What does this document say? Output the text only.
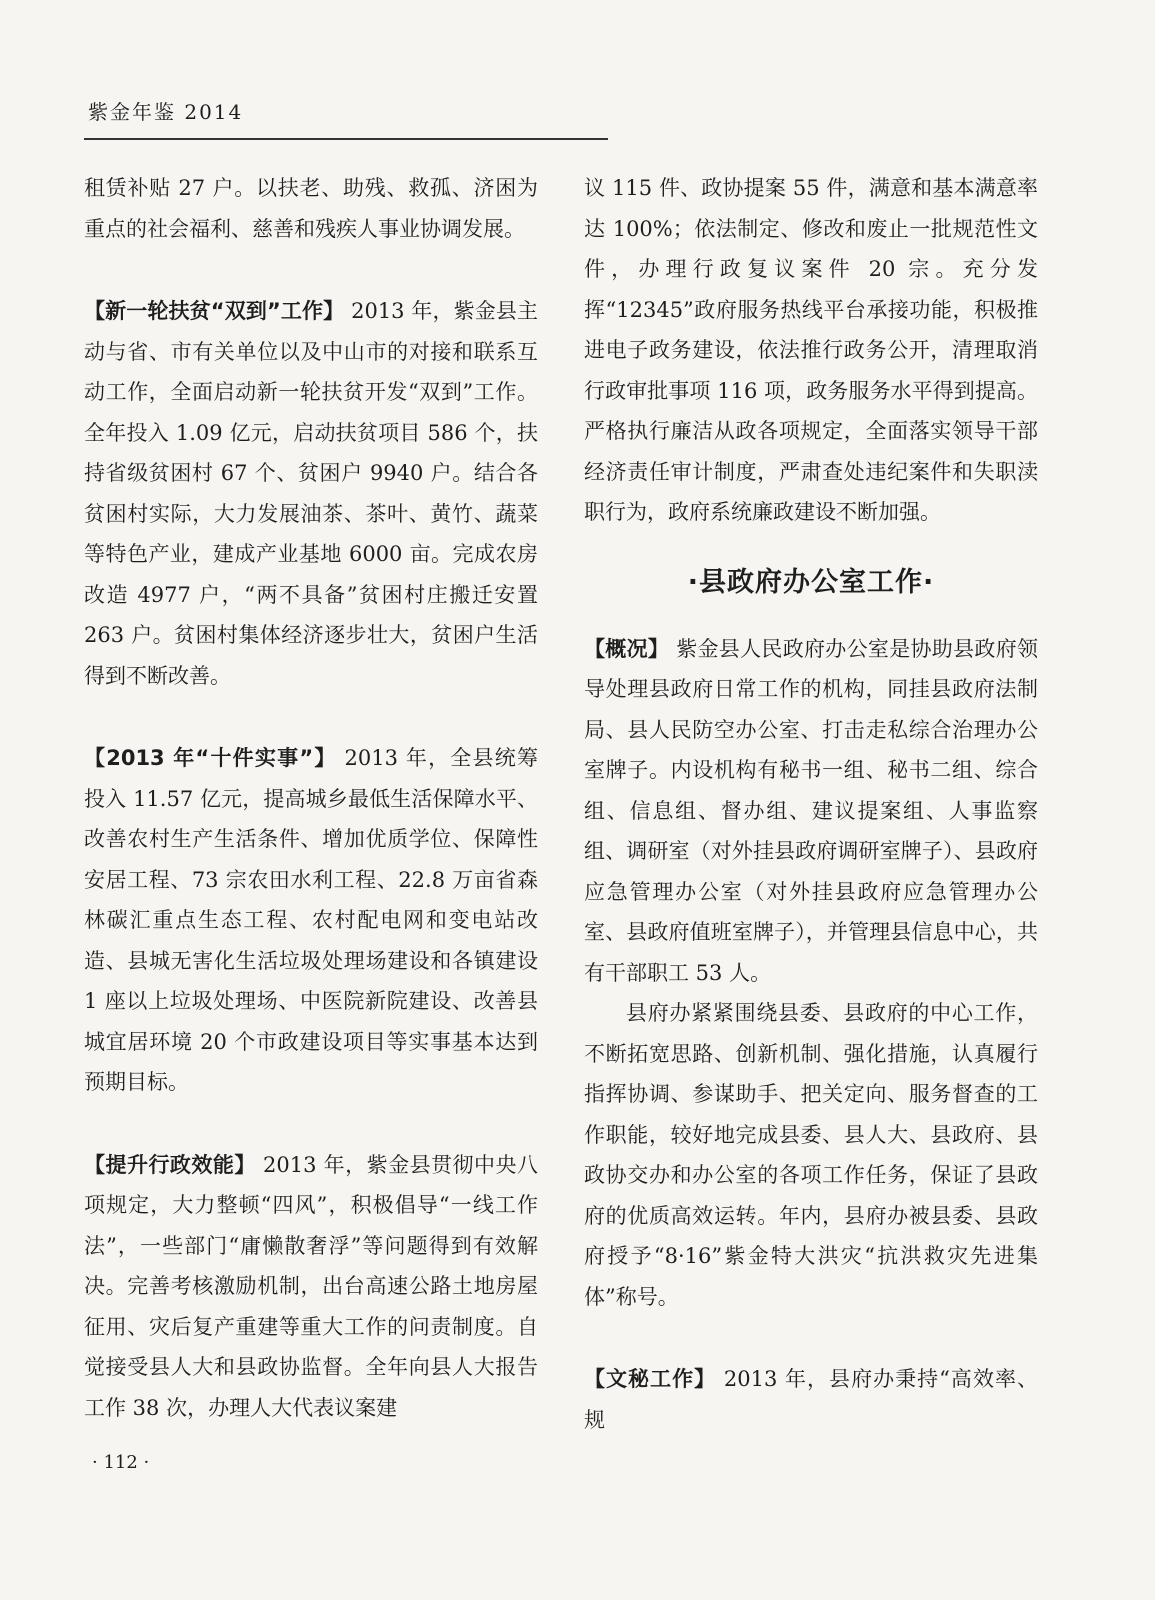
紫金年鉴 2014

租赁补贴 27 户。以扶老、助残、救孤、济困为重点的社会福利、慈善和残疾人事业协调发展。

【新一轮扶贫“双到”工作】 2013 年，紫金县主动与省、市有关单位以及中山市的对接和联系互动工作，全面启动新一轮扶贫开发“双到”工作。全年投入 1.09 亿元，启动扶贫项目 586 个，扶持省级贫困村 67 个、贫困户 9940 户。结合各贫困村实际，大力发展油茶、茶叶、黄竹、蔬菜等特色产业，建成产业基地 6000 亩。完成农房改造 4977 户，“两不具备”贫困村庄搬迁安置 263 户。贫困村集体经济逐步壮大，贫困户生活得到不断改善。

【2013 年“十件实事”】 2013 年，全县统筹投入 11.57 亿元，提高城乡最低生活保障水平、改善农村生产生活条件、增加优质学位、保障性安居工程、73 宗农田水利工程、22.8 万亩省森林碳汇重点生态工程、农村配电网和变电站改造、县城无害化生活垃圾处理场建设和各镇建设 1 座以上垃圾处理场、中医院新院建设、改善县城宜居环境 20 个市政建设项目等实事基本达到预期目标。

【提升行政效能】 2013 年，紫金县贯彻中央八项规定，大力整顿“四风”，积极倡导“一线工作法”，一些部门“庸懒散奢浮”等问题得到有效解决。完善考核激励机制，出台高速公路土地房屋征用、灾后复产重建等重大工作的问责制度。自觉接受县人大和县政协监督。全年向县人大报告工作 38 次，办理人大代表议案建

议 115 件、政协提案 55 件，满意和基本满意率达 100%；依法制定、修改和废止一批规范性文件，办理行政复议案件 20 宗。充分发挥“12345”政府服务热线平台承接功能，积极推进电子政务建设，依法推行政务公开，清理取消行政审批事项 116 项，政务服务水平得到提高。严格执行廉洁从政各项规定，全面落实领导干部经济责任审计制度，严肃查处违纪案件和失职渎职行为，政府系统廉政建设不断加强。

·县政府办公室工作·

【概况】 紫金县人民政府办公室是协助县政府领导处理县政府日常工作的机构，同挂县政府法制局、县人民防空办公室、打击走私综合治理办公室牌子。内设机构有秘书一组、秘书二组、综合组、信息组、督办组、建议提案组、人事监察组、调研室（对外挂县政府调研室牌子）、县政府应急管理办公室（对外挂县政府应急管理办公室、县政府值班室牌子），并管理县信息中心，共有干部职工 53 人。

县府办紧紧围绕县委、县政府的中心工作，不断拓宽思路、创新机制、强化措施，认真履行指挥协调、参谋助手、把关定向、服务督查的工作职能，较好地完成县委、县人大、县政府、县政协交办和办公室的各项工作任务，保证了县政府的优质高效运转。年内，县府办被县委、县政府授予“8·16”紫金特大洪灾“抗洪救灾先进集体”称号。

【文秘工作】 2013 年，县府办秉持“高效率、规

· 112 ·
